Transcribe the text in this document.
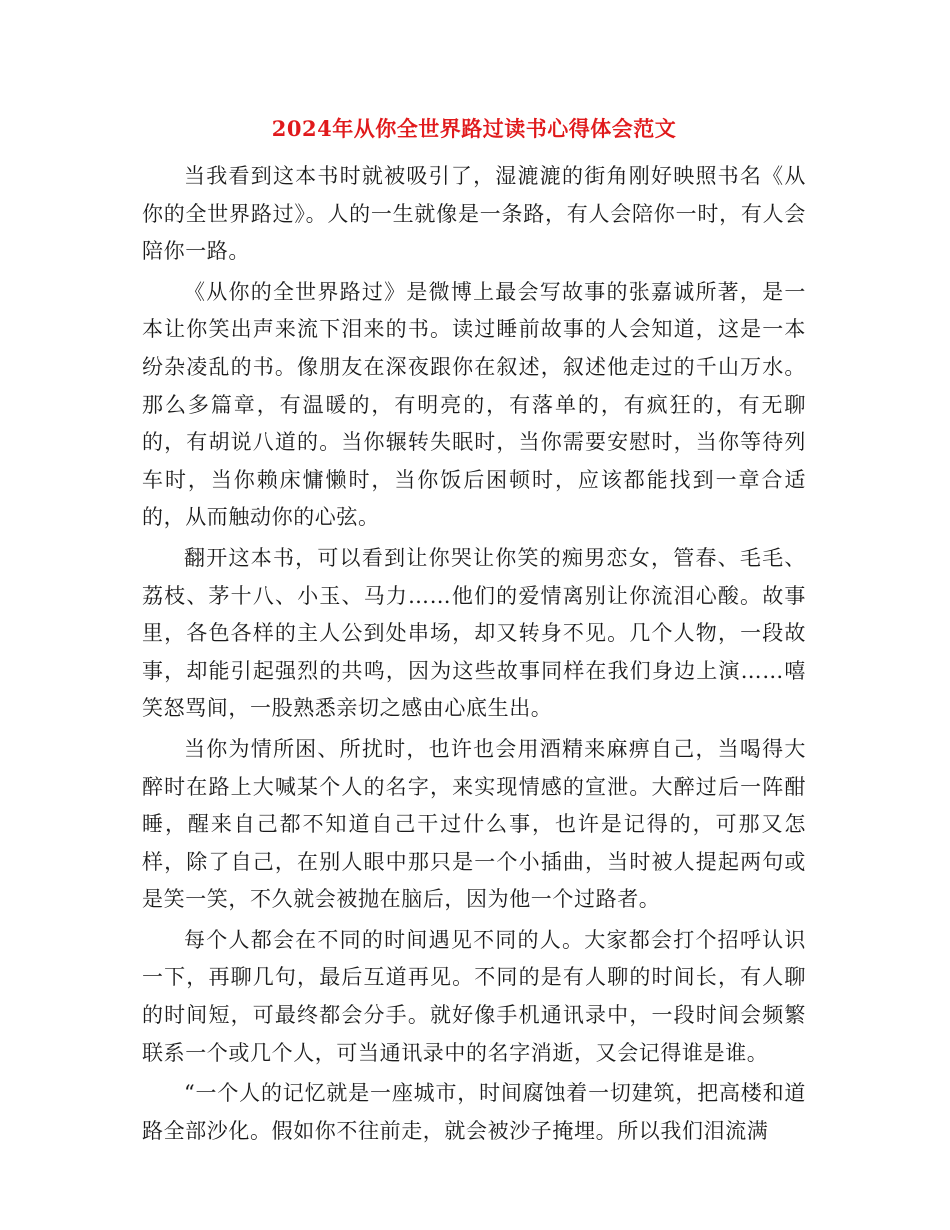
2024年从你全世界路过读书心得体会范文

当我看到这本书时就被吸引了，湿漉漉的街角刚好映照书名《从你的全世界路过》。人的一生就像是一条路，有人会陪你一时，有人会陪你一路。

《从你的全世界路过》是微博上最会写故事的张嘉诚所著，是一本让你笑出声来流下泪来的书。读过睡前故事的人会知道，这是一本纷杂凌乱的书。像朋友在深夜跟你在叙述，叙述他走过的千山万水。那么多篇章，有温暖的，有明亮的，有落单的，有疯狂的，有无聊的，有胡说八道的。当你辗转失眠时，当你需要安慰时，当你等待列车时，当你赖床慵懒时，当你饭后困顿时，应该都能找到一章合适的，从而触动你的心弦。

翻开这本书，可以看到让你哭让你笑的痴男恋女，管春、毛毛、荔枝、茅十八、小玉、马力……他们的爱情离别让你流泪心酸。故事里，各色各样的主人公到处串场，却又转身不见。几个人物，一段故事，却能引起强烈的共鸣，因为这些故事同样在我们身边上演……嘻笑怒骂间，一股熟悉亲切之感由心底生出。

当你为情所困、所扰时，也许也会用酒精来麻痹自己，当喝得大醉时在路上大喊某个人的名字，来实现情感的宣泄。大醉过后一阵酣睡，醒来自己都不知道自己干过什么事，也许是记得的，可那又怎样，除了自己，在别人眼中那只是一个小插曲，当时被人提起两句或是笑一笑，不久就会被抛在脑后，因为他一个过路者。

每个人都会在不同的时间遇见不同的人。大家都会打个招呼认识一下，再聊几句，最后互道再见。不同的是有人聊的时间长，有人聊的时间短，可最终都会分手。就好像手机通讯录中，一段时间会频繁联系一个或几个人，可当通讯录中的名字消逝，又会记得谁是谁。

“一个人的记忆就是一座城市，时间腐蚀着一切建筑，把高楼和道路全部沙化。假如你不往前走，就会被沙子掩埋。所以我们泪流满
